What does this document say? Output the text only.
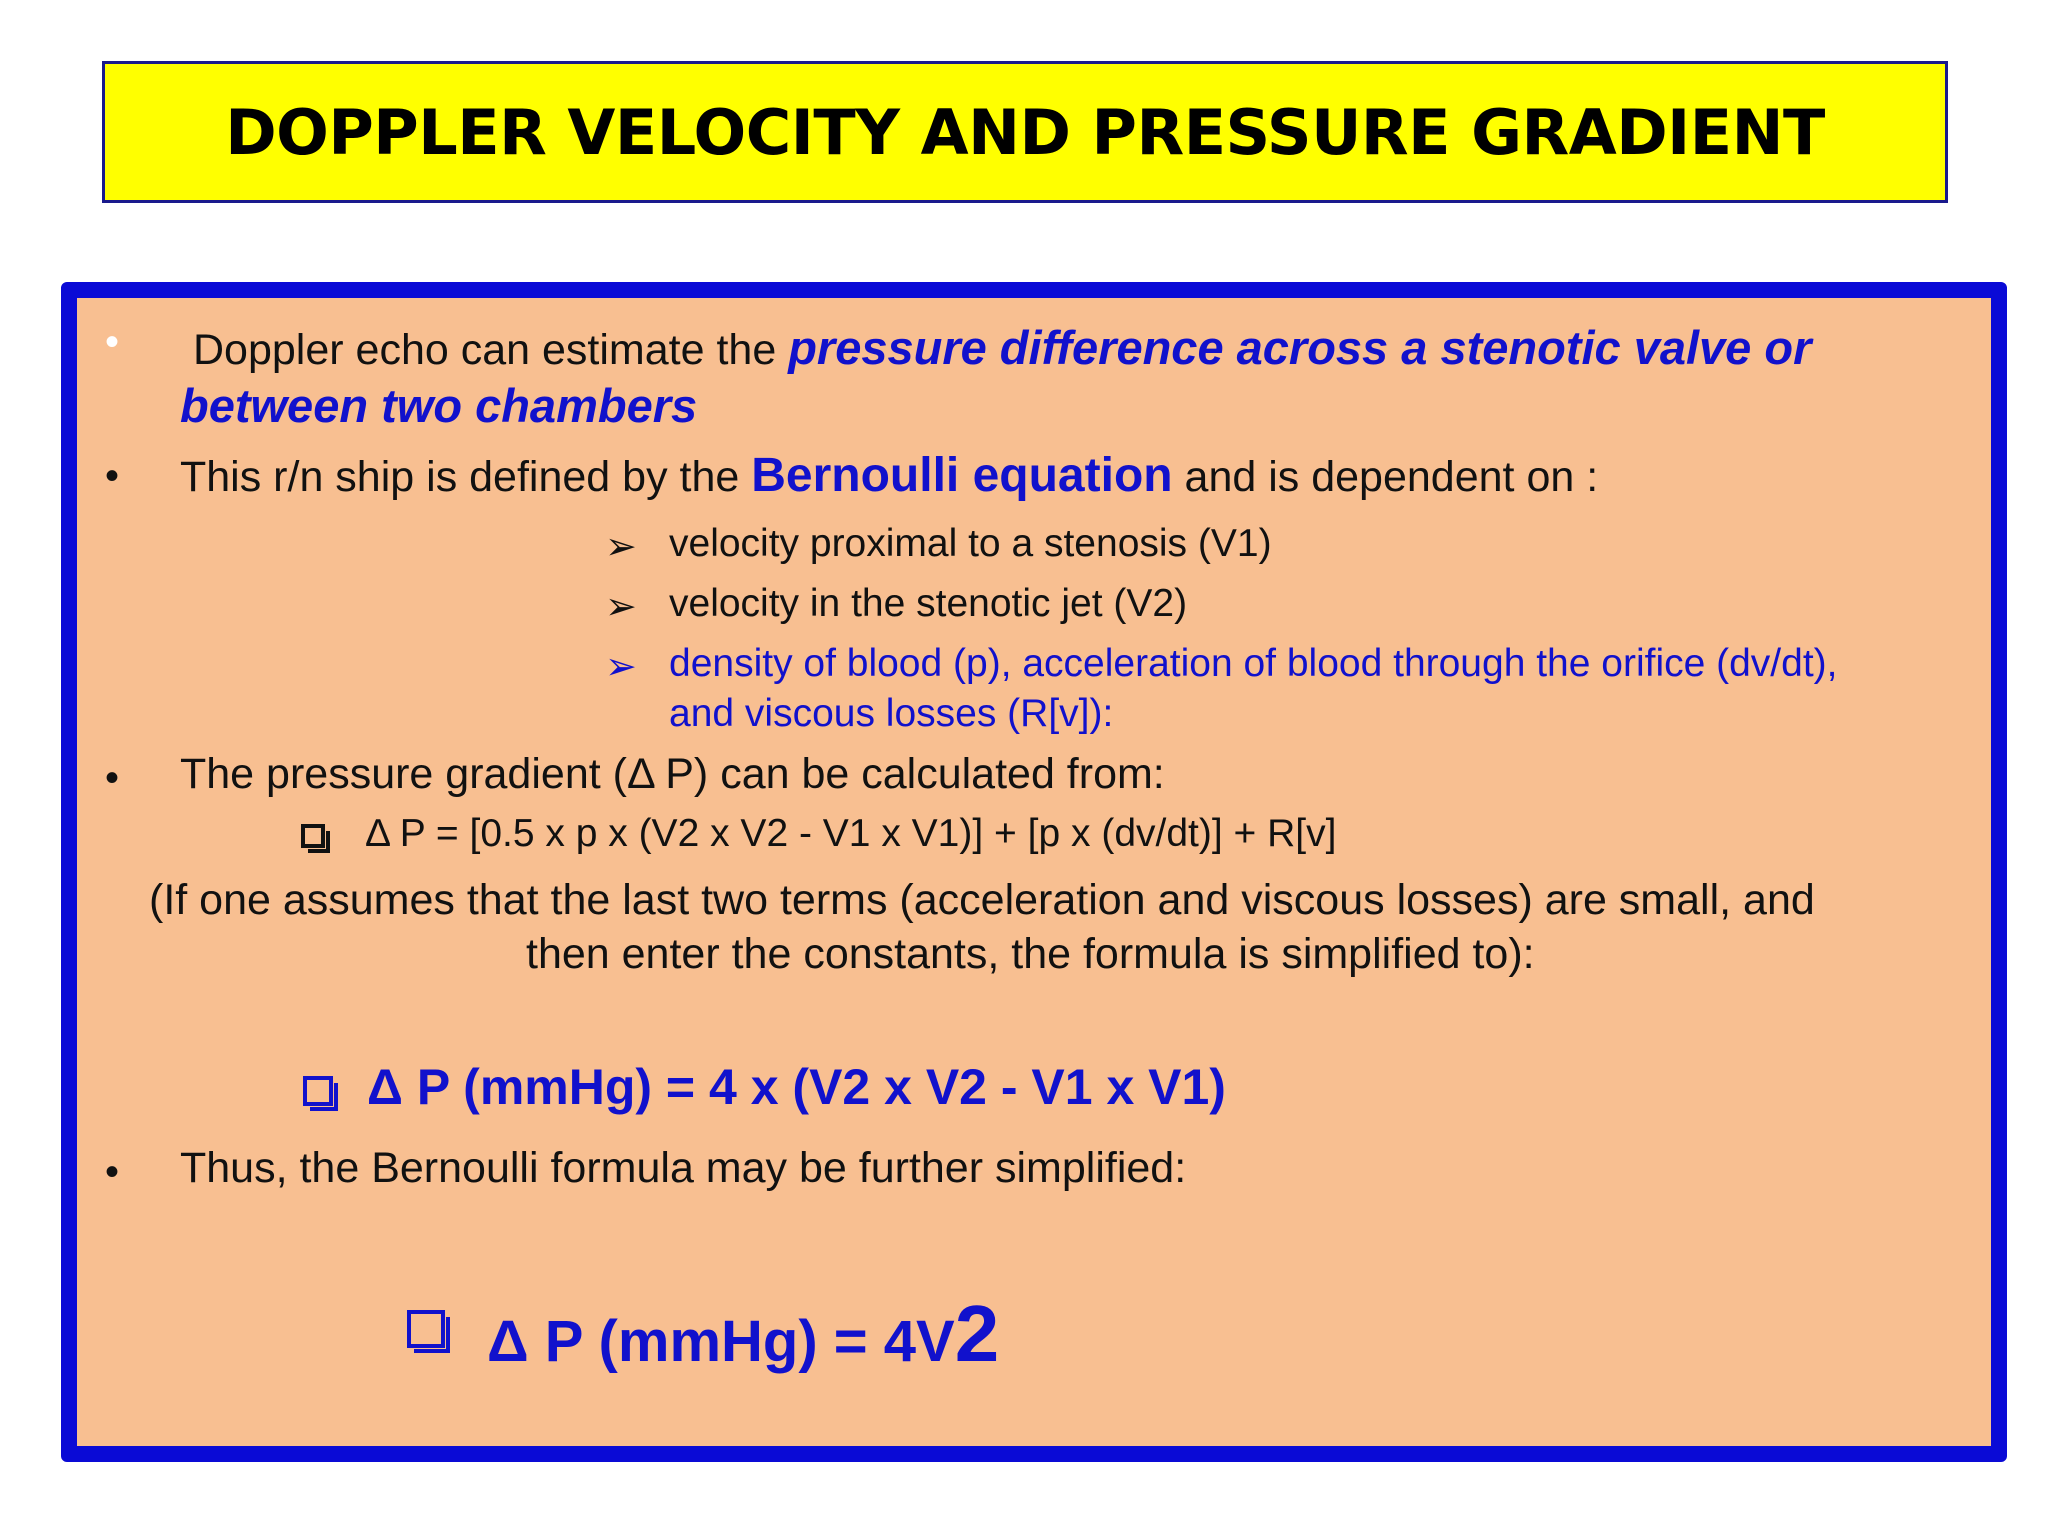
DOPPLER VELOCITY AND PRESSURE GRADIENT
• Doppler echo can estimate the pressure difference across a stenotic valve or
between two chambers
• This r/n ship is defined by the Bernoulli equation and is dependent on :
➢ velocity proximal to a stenosis (V1)
➢ velocity in the stenotic jet (V2)
➢ density of blood (p), acceleration of blood through the orifice (dv/dt),
and viscous losses (R[v]):
• The pressure gradient (Δ P) can be calculated from:
Δ P = [0.5 x p x (V2 x V2 - V1 x V1)] + [p x (dv/dt)] + R[v]
(If one assumes that the last two terms (acceleration and viscous losses) are small, and
then enter the constants, the formula is simplified to):
Δ P (mmHg) = 4 x (V2 x V2 - V1 x V1)
• Thus, the Bernoulli formula may be further simplified:
Δ P (mmHg) = 4V2
